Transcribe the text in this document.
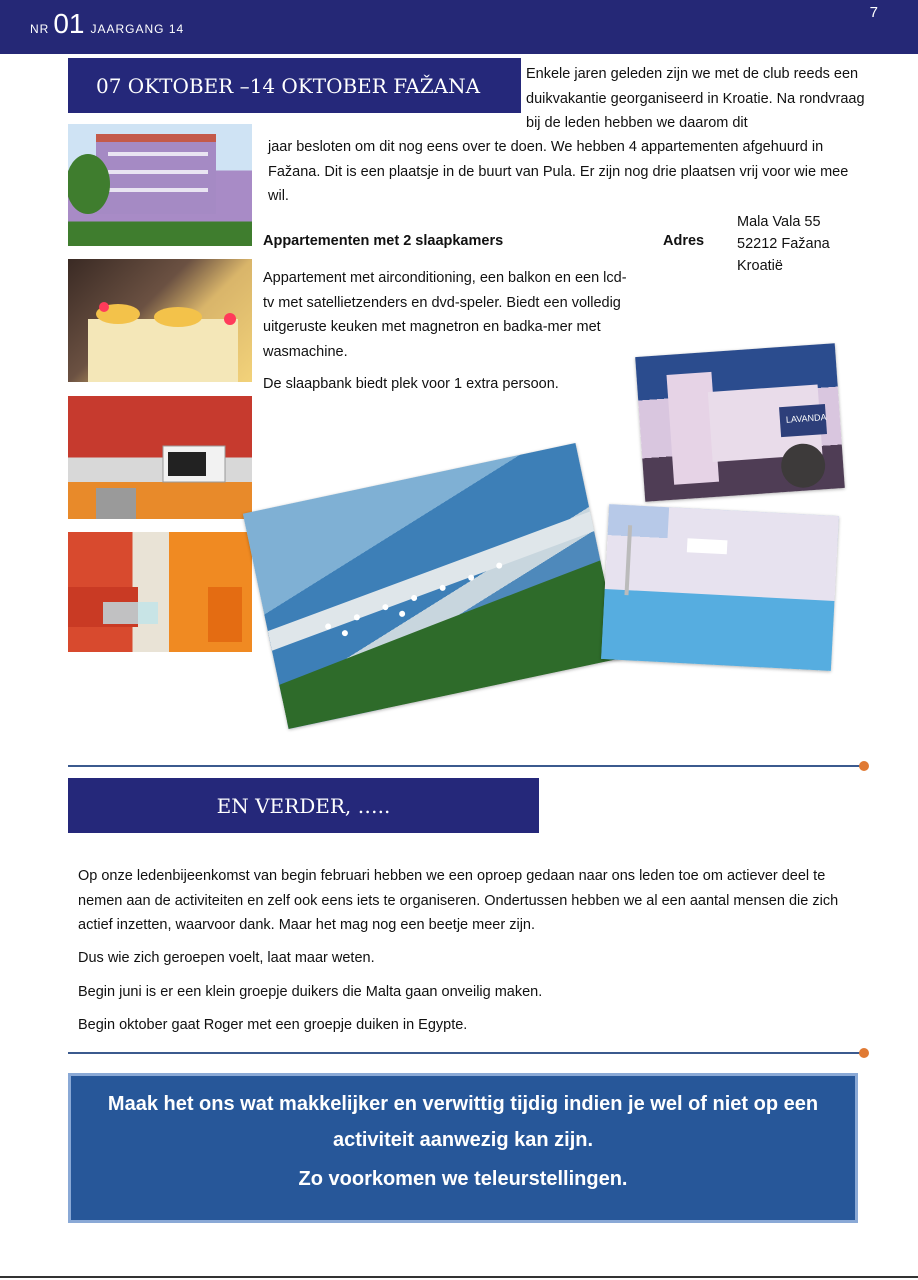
NR 01 JAARGANG 14
7
07 OKTOBER –14 OKTOBER FAŽANA	Enkele jaren geleden zijn we met de club reeds een duikvakantie georganiseerd in Kroatie. Na rondvraag bij de leden hebben we daarom dit
jaar besloten om dit nog eens over te doen. We hebben 4 appartementen afgehuurd in Fažana. Dit is een plaatsje in de buurt van Pula. Er zijn nog drie plaatsen vrij voor wie mee wil.
Appartementen met 2 slaapkamers
Appartement met airconditioning, een balkon en een lcd-tv met satellietzenders en dvd-speler. Biedt een volledig uitgeruste keuken met magnetron en badka-mer met wasmachine.
De slaapbank biedt plek voor 1 extra persoon.
Adres
Mala Vala 55
52212 Fažana
Kroatië
LAVANDA
EN VERDER, …..
Op onze ledenbijeenkomst van begin februari hebben we een oproep gedaan naar ons leden toe om actiever deel te nemen aan de activiteiten en zelf ook eens iets te organiseren. Ondertussen hebben we al een aantal mensen die zich actief inzetten, waarvoor dank. Maar het mag nog een beetje meer zijn.
Dus wie zich geroepen voelt, laat maar weten.
Begin juni is er een klein groepje duikers die Malta gaan onveilig maken.
Begin oktober gaat Roger met een groepje duiken in Egypte.
Maak het ons wat makkelijker en verwittig tijdig indien je wel of niet op een activiteit aanwezig kan zijn.
Zo voorkomen we teleurstellingen.
